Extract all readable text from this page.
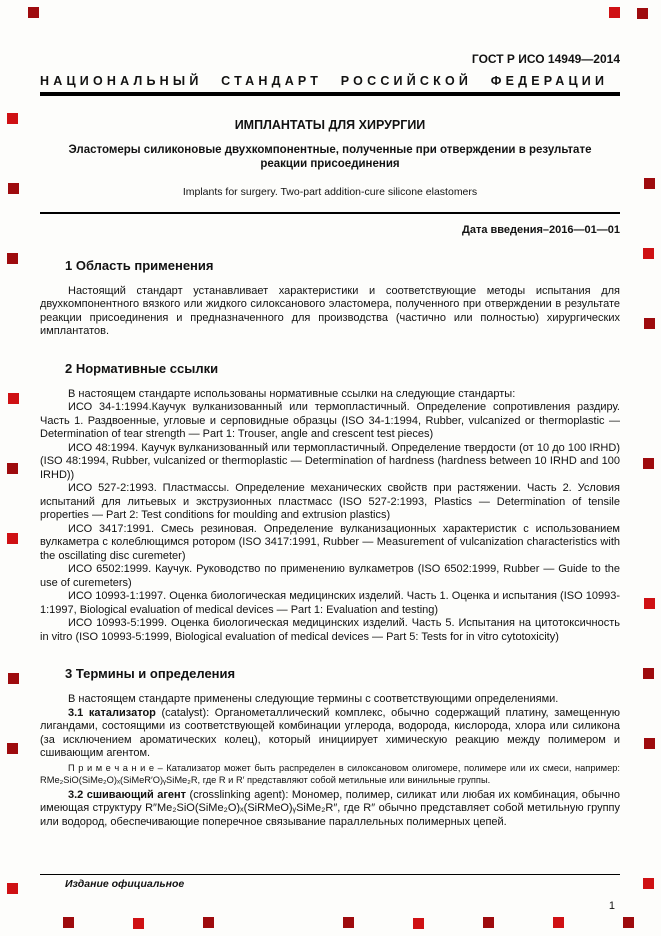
ГОСТ Р ИСО 14949—2014
НАЦИОНАЛЬНЫЙ СТАНДАРТ РОССИЙСКОЙ ФЕДЕРАЦИИ
ИМПЛАНТАТЫ ДЛЯ ХИРУРГИИ
Эластомеры силиконовые двухкомпонентные, полученные при отверждении в результате реакции присоединения
Implants for surgery. Two-part addition-cure silicone elastomers
Дата введения–2016—01—01
1 Область применения

Настоящий стандарт устанавливает характеристики и соответствующие методы испытания для двухкомпонентного вязкого или жидкого силоксанового эластомера, полученного при отверждении в результате реакции присоединения и предназначенного для производства (частично или полностью) хирургических имплантатов.

2 Нормативные ссылки

В настоящем стандарте использованы нормативные ссылки на следующие стандарты:

ИСО 34-1:1994.Каучук вулканизованный или термопластичный. Определение сопротивления раздиру. Часть 1. Раздвоенные, угловые и серповидные образцы (ISO 34-1:1994, Rubber, vulcanized or thermoplastic — Determination of tear strength — Part 1: Trouser, angle and crescent test pieces)

ИСО 48:1994. Каучук вулканизованный или термопластичный. Определение твердости (от 10 до 100 IRHD) (ISO 48:1994, Rubber, vulcanized or thermoplastic — Determination of hardness (hardness between 10 IRHD and 100 IRHD))

ИСО 527-2:1993. Пластмассы. Определение механических свойств при растяжении. Часть 2. Условия испытаний для литьевых и экструзионных пластмасс (ISO 527-2:1993, Plastics — Determination of tensile properties — Part 2: Test conditions for moulding and extrusion plastics)

ИСО 3417:1991. Смесь резиновая. Определение вулканизационных характеристик с использованием вулкаметра с колеблющимся ротором (ISO 3417:1991, Rubber — Measurement of vulcanization characteristics with the oscillating disc curemeter)

ИСО 6502:1999. Каучук. Руководство по применению вулкаметров (ISO 6502:1999, Rubber — Guide to the use of curemeters)

ИСО 10993-1:1997. Оценка биологическая медицинских изделий. Часть 1. Оценка и испытания (ISO 10993-1:1997, Biological evaluation of medical devices — Part 1: Evaluation and testing)

ИСО 10993-5:1999. Оценка биологическая медицинских изделий. Часть 5. Испытания на цитотоксичность in vitro (ISO 10993-5:1999, Biological evaluation of medical devices — Part 5: Tests for in vitro cytotoxicity)

3 Термины и определения

В настоящем стандарте применены следующие термины с соответствующими определениями.

3.1 катализатор (catalyst): Органометаллический комплекс, обычно содержащий платину, замещенную лигандами, состоящими из соответствующей комбинации углерода, водорода, кислорода, хлора или силикона (за исключением ароматических колец), который инициирует химическую реакцию между полимером и сшивающим агентом.

П р и м е ч а н и е – Катализатор может быть распределен в силоксановом олигомере, полимере или их смеси, например: RMe₂SiO(SiMe₂O)ₓ(SiMeR′O)ᵧSiMe₂R, где R и R′ представляют собой метильные или винильные группы.

3.2 сшивающий агент (crosslinking agent): Мономер, полимер, силикат или любая их комбинация, обычно имеющая структуру R″Me₂SiO(SiMe₂O)ₓ(SiRMeO)ᵧSiMe₂R″, где R″ обычно представляет собой метильную группу или водород, обеспечивающие поперечное связывание параллельных полимерных цепей.

Издание официальное
1
